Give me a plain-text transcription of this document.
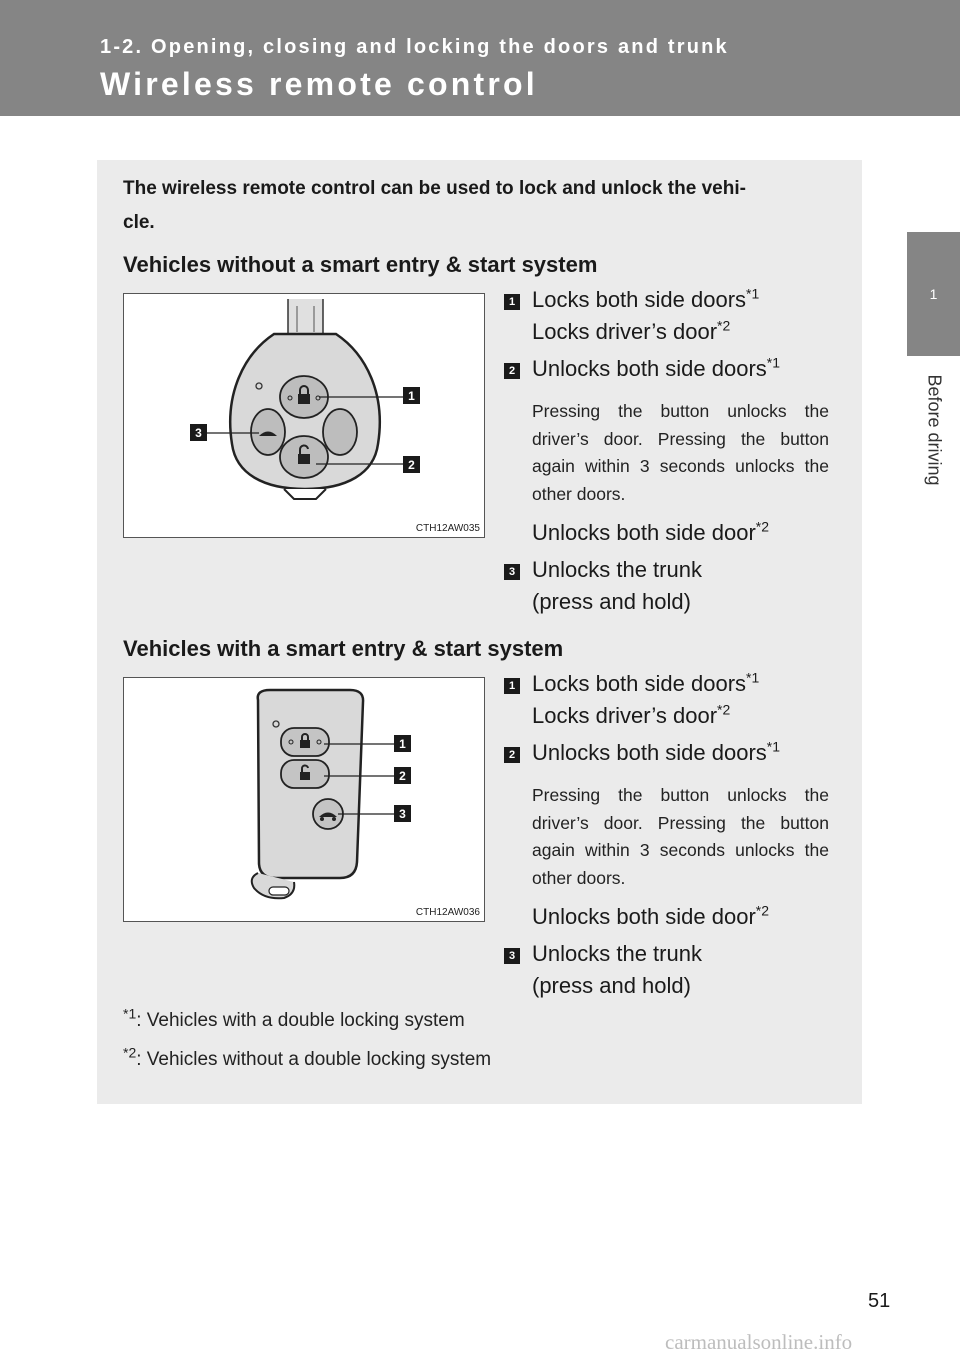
1-2. Opening, closing and locking the doors and trunk
Wireless remote control
1
Before driving
The wireless remote control can be used to lock and unlock the vehi-
cle.
Vehicles without a smart entry & start system
1
2
3
CTH12AW035
1 Locks both side doors$^{*1}$
Locks driver’s door$^{*2}$
2 Unlocks both side doors$^{*1}$
Pressing the button unlocks the driver’s door. Pressing the button again within 3 seconds unlocks the other doors.
Unlocks both side door$^{*2}$
3 Unlocks the trunk
(press and hold)
Vehicles with a smart entry & start system
1
2
3
CTH12AW036
1 Locks both side doors$^{*1}$
Locks driver’s door$^{*2}$
2 Unlocks both side doors$^{*1}$
Pressing the button unlocks the driver’s door. Pressing the button again within 3 seconds unlocks the other doors.
Unlocks both side door$^{*2}$
3 Unlocks the trunk
(press and hold)
$^{*1}$: Vehicles with a double locking system
$^{*2}$: Vehicles without a double locking system
51
carmanualsonline.info
